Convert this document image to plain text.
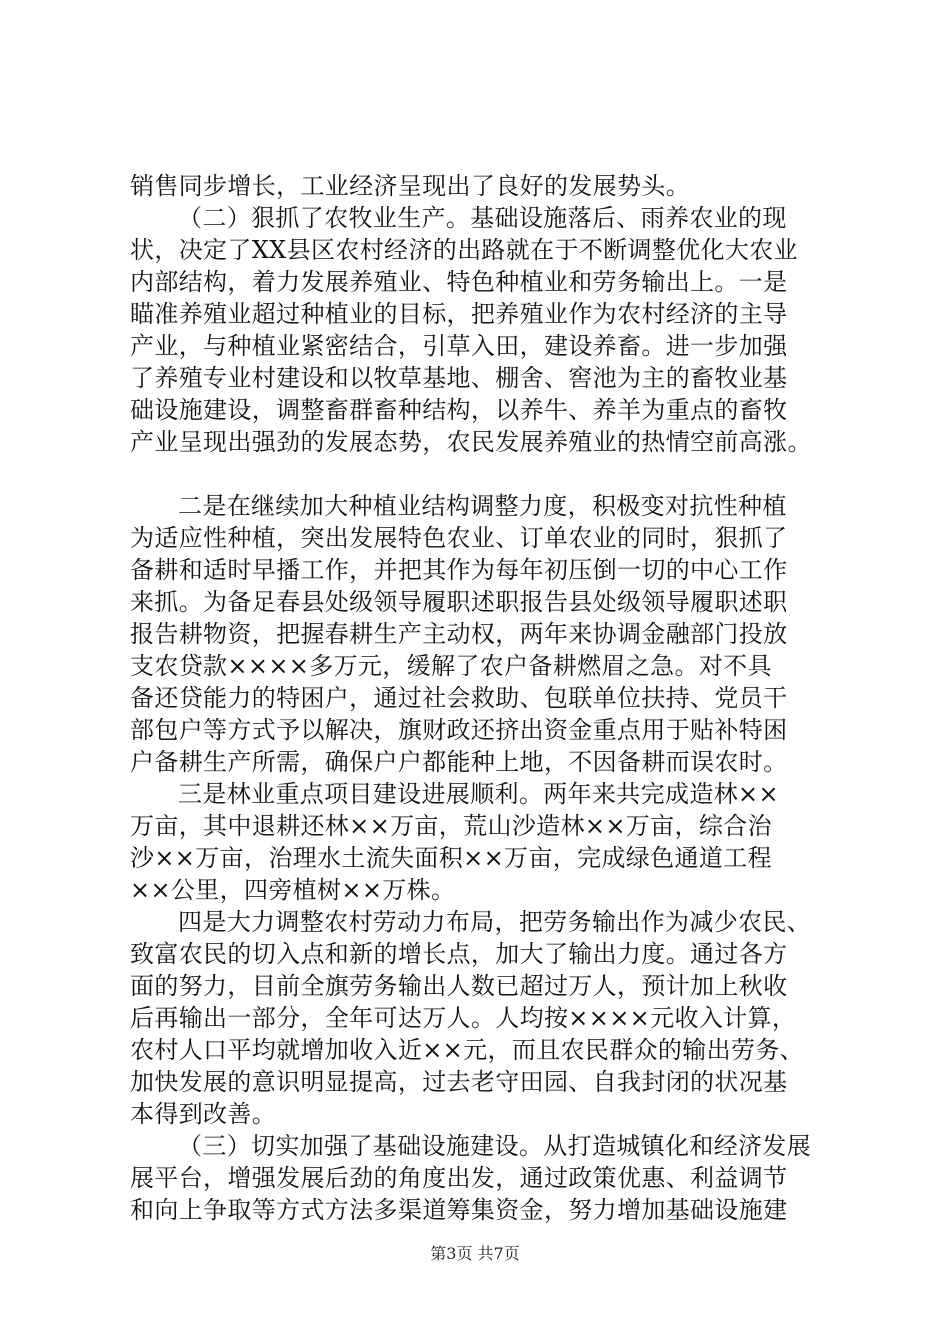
销售同步增长，工业经济呈现出了良好的发展势头。
（二）狠抓了农牧业生产。基础设施落后、雨养农业的现
状，决定了XX县区农村经济的出路就在于不断调整优化大农业
内部结构，着力发展养殖业、特色种植业和劳务输出上。一是
瞄准养殖业超过种植业的目标，把养殖业作为农村经济的主导
产业，与种植业紧密结合，引草入田，建设养畜。进一步加强
了养殖专业村建设和以牧草基地、棚舍、窖池为主的畜牧业基
础设施建设，调整畜群畜种结构，以养牛、养羊为重点的畜牧
产业呈现出强劲的发展态势，农民发展养殖业的热情空前高涨。
二是在继续加大种植业结构调整力度，积极变对抗性种植
为适应性种植，突出发展特色农业、订单农业的同时，狠抓了
备耕和适时早播工作，并把其作为每年初压倒一切的中心工作
来抓。为备足春县处级领导履职述职报告县处级领导履职述职
报告耕物资，把握春耕生产主动权，两年来协调金融部门投放
支农贷款××××多万元，缓解了农户备耕燃眉之急。对不具
备还贷能力的特困户，通过社会救助、包联单位扶持、党员干
部包户等方式予以解决，旗财政还挤出资金重点用于贴补特困
户备耕生产所需，确保户户都能种上地，不因备耕而误农时。
三是林业重点项目建设进展顺利。两年来共完成造林××
万亩，其中退耕还林××万亩，荒山沙造林××万亩，综合治
沙××万亩，治理水土流失面积××万亩，完成绿色通道工程
××公里，四旁植树××万株。
四是大力调整农村劳动力布局，把劳务输出作为减少农民、
致富农民的切入点和新的增长点，加大了输出力度。通过各方
面的努力，目前全旗劳务输出人数已超过万人，预计加上秋收
后再输出一部分，全年可达万人。人均按××××元收入计算，
农村人口平均就增加收入近××元，而且农民群众的输出劳务、
加快发展的意识明显提高，过去老守田园、自我封闭的状况基
本得到改善。
（三）切实加强了基础设施建设。从打造城镇化和经济发展
展平台，增强发展后劲的角度出发，通过政策优惠、利益调节
和向上争取等方式方法多渠道筹集资金，努力增加基础设施建
第3页 共7页
